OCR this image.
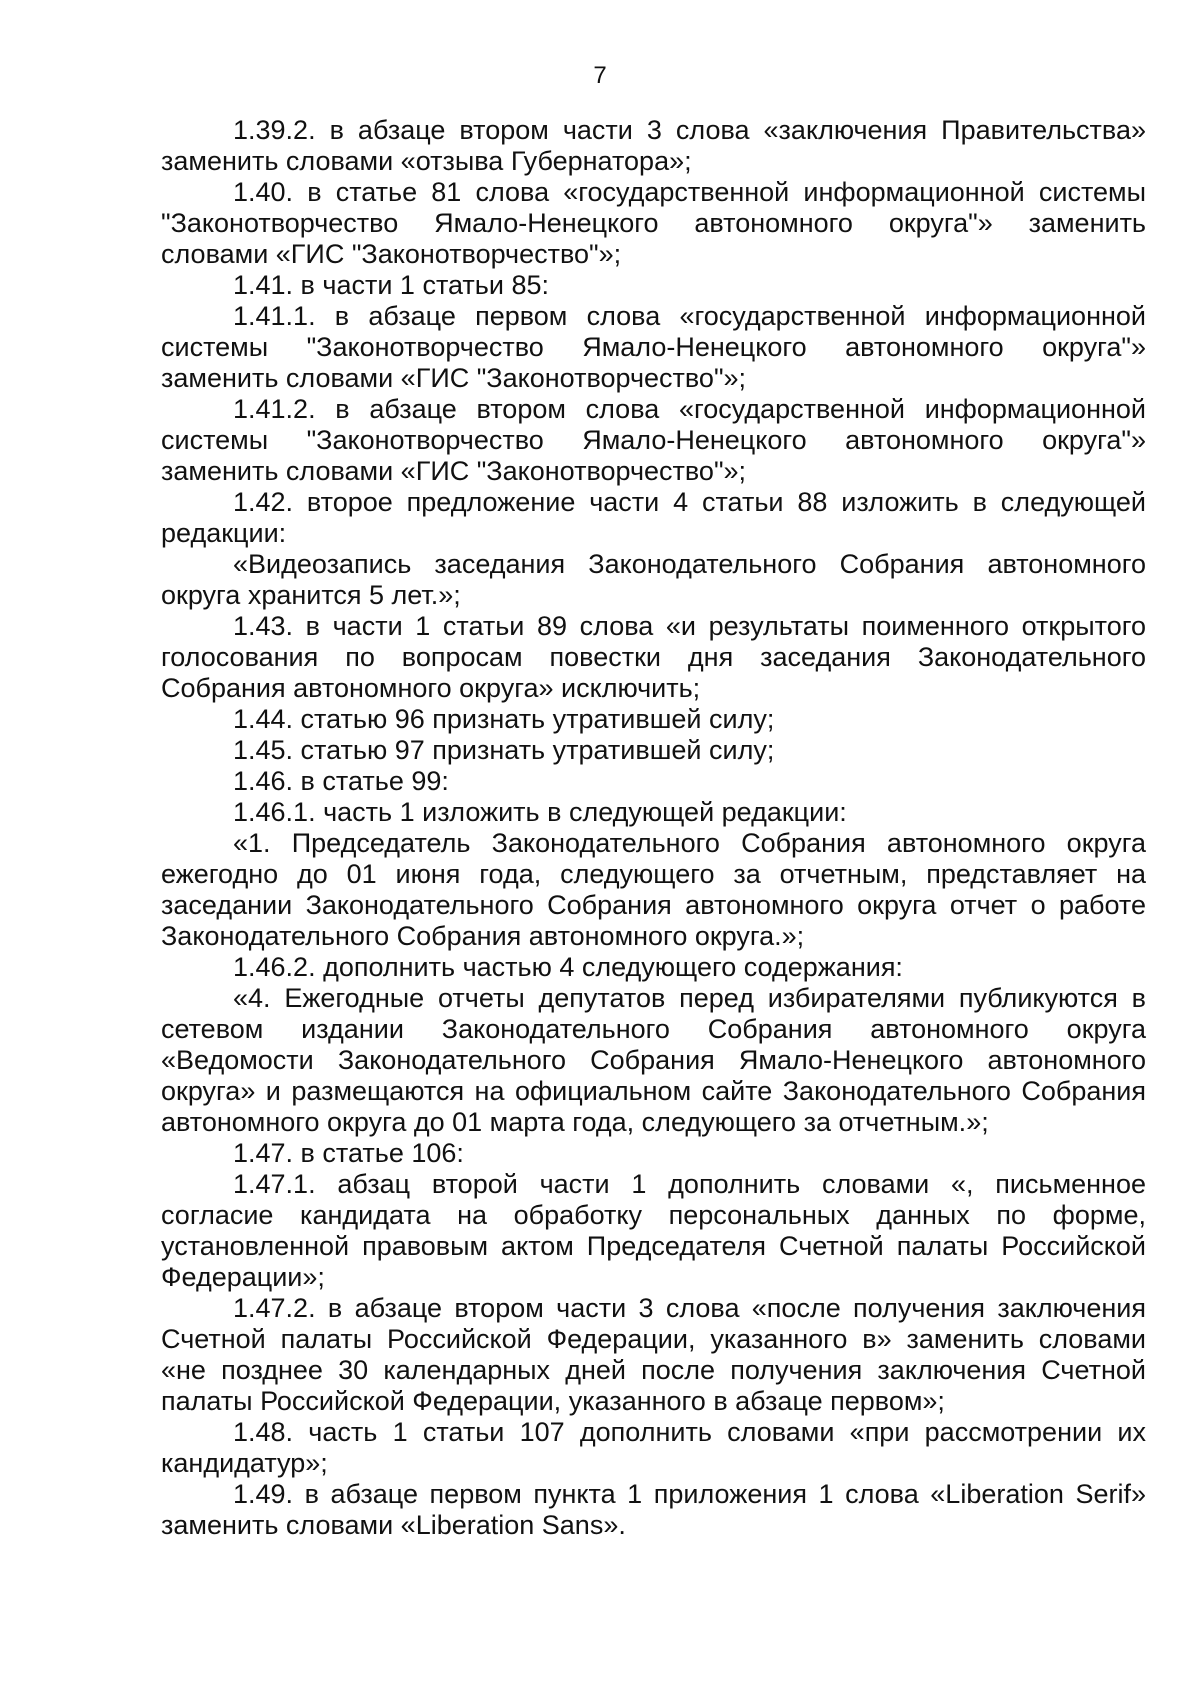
7

1.39.2. в абзаце втором части 3 слова «заключения Правительства» заменить словами «отзыва Губернатора»;

1.40. в статье 81 слова «государственной информационной системы "Законотворчество Ямало-Ненецкого автономного округа"» заменить словами «ГИС "Законотворчество"»;

1.41. в части 1 статьи 85:

1.41.1. в абзаце первом слова «государственной информационной системы "Законотворчество Ямало-Ненецкого автономного округа"» заменить словами «ГИС "Законотворчество"»;

1.41.2. в абзаце втором слова «государственной информационной системы "Законотворчество Ямало-Ненецкого автономного округа"» заменить словами «ГИС "Законотворчество"»;

1.42. второе предложение части 4 статьи 88 изложить в следующей редакции:

«Видеозапись заседания Законодательного Собрания автономного округа хранится 5 лет.»;

1.43. в части 1 статьи 89 слова «и результаты поименного открытого голосования по вопросам повестки дня заседания Законодательного Собрания автономного округа» исключить;

1.44. статью 96 признать утратившей силу;

1.45. статью 97 признать утратившей силу;

1.46. в статье 99:

1.46.1. часть 1 изложить в следующей редакции:

«1. Председатель Законодательного Собрания автономного округа ежегодно до 01 июня года, следующего за отчетным, представляет на заседании Законодательного Собрания автономного округа отчет о работе Законодательного Собрания автономного округа.»;

1.46.2. дополнить частью 4 следующего содержания:

«4. Ежегодные отчеты депутатов перед избирателями публикуются в сетевом издании Законодательного Собрания автономного округа «Ведомости Законодательного Собрания Ямало-Ненецкого автономного округа» и размещаются на официальном сайте Законодательного Собрания автономного округа до 01 марта года, следующего за отчетным.»;

1.47. в статье 106:

1.47.1. абзац второй части 1 дополнить словами «, письменное согласие кандидата на обработку персональных данных по форме, установленной правовым актом Председателя Счетной палаты Российской Федерации»;

1.47.2. в абзаце втором части 3 слова «после получения заключения Счетной палаты Российской Федерации, указанного в» заменить словами «не позднее 30 календарных дней после получения заключения Счетной палаты Российской Федерации, указанного в абзаце первом»;

1.48. часть 1 статьи 107 дополнить словами «при рассмотрении их кандидатур»;

1.49. в абзаце первом пункта 1 приложения 1 слова «Liberation Serif» заменить словами «Liberation Sans».
